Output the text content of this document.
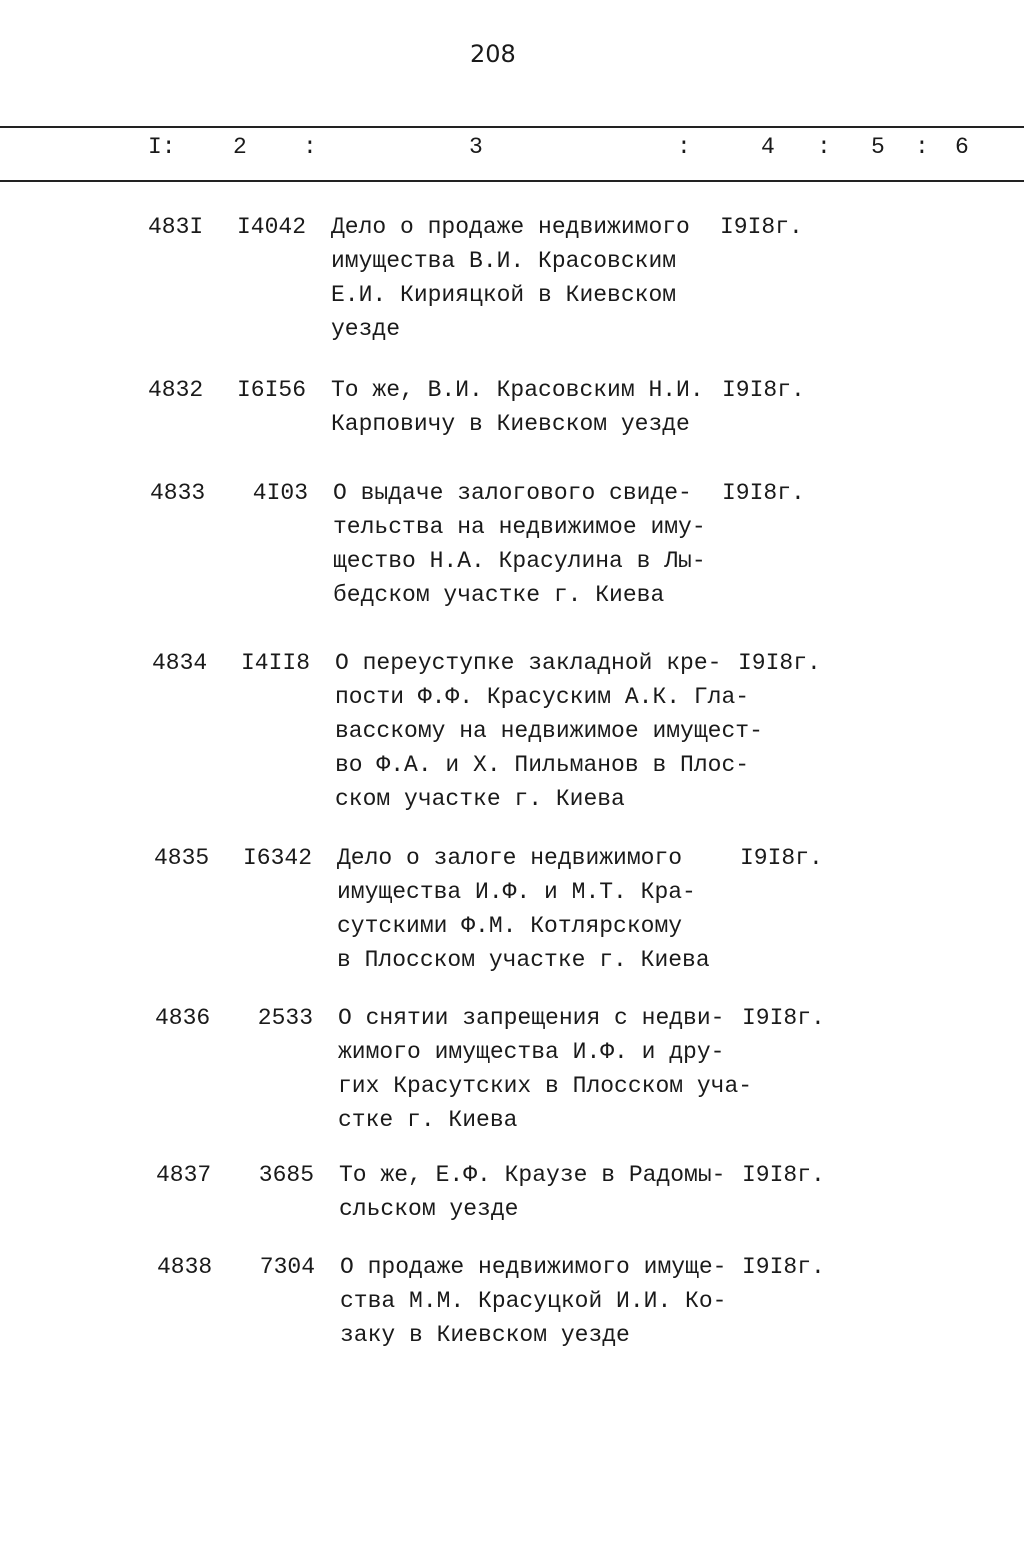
208
I: 2 :	3	:	4 : 5 : 6
483I	I4042 Дело о продаже недвижимого
имущества В.И. Красовским
Е.И. Кирияцкой в Киевском
уезде
I9I8г.
4832	I6I56 То же, В.И. Красовским Н.И.
Карповичу в Киевском уезде
I9I8г.
4833	4I03 О выдаче залогового свиде-
тельства на недвижимое иму-
щество Н.А. Красулина в Лы-
бедском участке г. Киева
I9I8г.
4834	I4II8 О переуступке закладной кре-
пости Ф.Ф. Красуским А.К. Гла-
васскому на недвижимое имущест-
во Ф.А. и Х. Пильманов в Плос-
ском участке г. Киева
I9I8г.
4835	I6342 Дело о залоге недвижимого
имущества И.Ф. и М.Т. Кра-
сутскими Ф.М. Котлярскому
в Плосском участке г. Киева
I9I8г.
4836	2533 О снятии запрещения с недви-
жимого имущества И.Ф. и дру-
гих Красутских в Плосском уча-
стке г. Киева
I9I8г.
4837	3685 То же, Е.Ф. Краузе в Радомы-
сльском уезде
I9I8г.
4838	7304 О продаже недвижимого имуще-
ства М.М. Красуцкой И.И. Ко-
заку в Киевском уезде
I9I8г.
